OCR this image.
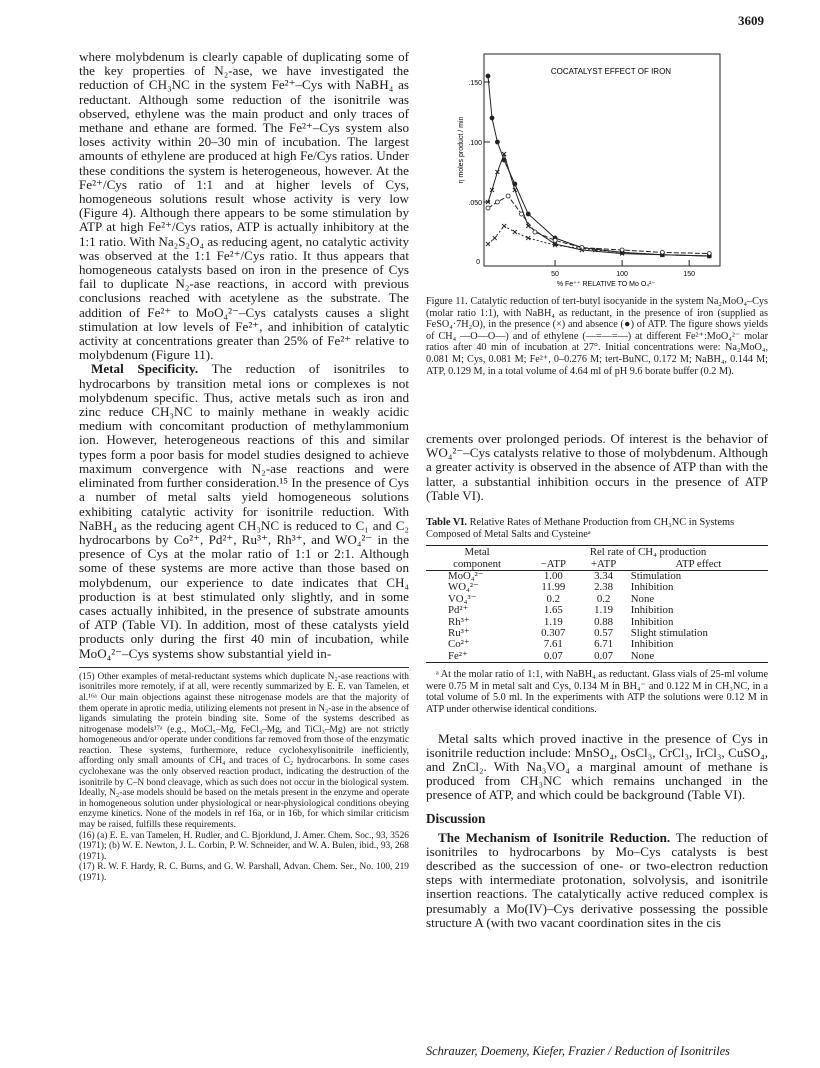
3609

where molybdenum is clearly capable of duplicating some of the key properties of N₂-ase, we have investigated the reduction of CH₃NC in the system Fe²⁺–Cys with NaBH₄ as reductant. Although some reduction of the isonitrile was observed, ethylene was the main product and only traces of methane and ethane are formed. The Fe²⁺–Cys system also loses activity within 20–30 min of incubation. The largest amounts of ethylene are produced at high Fe/Cys ratios. Under these conditions the system is heterogeneous, however. At the Fe²⁺/Cys ratio of 1:1 and at higher levels of Cys, homogeneous solutions result whose activity is very low (Figure 4). Although there appears to be some stimulation by ATP at high Fe²⁺/Cys ratios, ATP is actually inhibitory at the 1:1 ratio. With Na₂S₂O₄ as reducing agent, no catalytic activity was observed at the 1:1 Fe²⁺/Cys ratio. It thus appears that homogeneous catalysts based on iron in the presence of Cys fail to duplicate N₂-ase reactions, in accord with previous conclusions reached with acetylene as the substrate. The addition of Fe²⁺ to MoO₄²⁻–Cys catalysts causes a slight stimulation at low levels of Fe²⁺, and inhibition of catalytic activity at concentrations greater than 25% of Fe²⁺ relative to molybdenum (Figure 11).

Metal Specificity. The reduction of isonitriles to hydrocarbons by transition metal ions or complexes is not molybdenum specific. Thus, active metals such as iron and zinc reduce CH₃NC to mainly methane in weakly acidic medium with concomitant production of methylammonium ion. However, heterogeneous reactions of this and similar types form a poor basis for model studies designed to achieve maximum convergence with N₂-ase reactions and were eliminated from further consideration.¹⁵ In the presence of Cys a number of metal salts yield homogeneous solutions exhibiting catalytic activity for isonitrile reduction. With NaBH₄ as the reducing agent CH₃NC is reduced to C₁ and C₂ hydrocarbons by Co²⁺, Pd²⁺, Ru³⁺, Rh³⁺, and WO₄²⁻ in the presence of Cys at the molar ratio of 1:1 or 2:1. Although some of these systems are more active than those based on molybdenum, our experience to date indicates that CH₄ production is at best stimulated only slightly, and in some cases actually inhibited, in the presence of substrate amounts of ATP (Table VI). In addition, most of these catalysts yield products only during the first 40 min of incubation, while MoO₄²⁻–Cys systems show substantial yield in-

(15) Other examples of metal-reductant systems which duplicate N₂-ase reactions with isonitriles more remotely, if at all, were recently summarized by E. E. van Tamelen, et al.¹⁶ᵃ Our main objections against these nitrogenase models are that the majority of them operate in aprotic media, utilizing elements not present in N₂-ase in the absence of ligands simulating the protein binding site. Some of the systems described as nitrogenase models¹⁷ᵃ (e.g., MoCl₅–Mg, FeCl₃–Mg, and TiCl₃–Mg) are not strictly homogeneous and/or operate under conditions far removed from those of the enzymatic reaction. These systems, furthermore, reduce cyclohexylisonitrile inefficiently, affording only small amounts of CH₄ and traces of C₂ hydrocarbons. In some cases cyclohexane was the only observed reaction product, indicating the destruction of the isonitrile by C–N bond cleavage, which as such does not occur in the biological system. Ideally, N₂-ase models should be based on the metals present in the enzyme and operate in homogeneous solution under physiological or near-physiological conditions obeying enzyme kinetics. None of the models in ref 16a, or in 16b, for which similar criticism may be raised, fulfills these requirements.

(16) (a) E. E. van Tamelen, H. Rudler, and C. Bjorklund, J. Amer. Chem. Soc., 93, 3526 (1971); (b) W. E. Newton, J. L. Corbin, P. W. Schneider, and W. A. Bulen, ibid., 93, 268 (1971).

(17) R. W. F. Hardy, R. C. Burns, and G. W. Parshall, Advan. Chem. Ser., No. 100, 219 (1971).

COCATALYST EFFECT OF IRON
η moles product / min
% Fe⁺⁺ RELATIVE TO Mo O₄²⁻
.050
.100
.150
50	100	150
0

Figure 11. Catalytic reduction of tert-butyl isocyanide in the system Na₂MoO₄–Cys (molar ratio 1:1), with NaBH₄ as reductant, in the presence of iron (supplied as FeSO₄·7H₂O), in the presence (×) and absence (●) of ATP. The figure shows yields of CH₄ —O—O—) and of ethylene (—=—=—) at different Fe²⁺:MoO₄²⁻ molar ratios after 40 min of incubation at 27°. Initial concentrations were: Na₂MoO₄, 0.081 M; Cys, 0.081 M; Fe²⁺, 0–0.276 M; tert-BuNC, 0.172 M; NaBH₄, 0.144 M; ATP, 0.129 M, in a total volume of 4.64 ml of pH 9.6 borate buffer (0.2 M).

crements over prolonged periods. Of interest is the behavior of WO₄²⁻–Cys catalysts relative to those of molybdenum. Although a greater activity is observed in the absence of ATP than with the latter, a substantial inhibition occurs in the presence of ATP (Table VI).

Table VI. Relative Rates of Methane Production from CH₃NC in Systems Composed of Metal Salts and Cysteineᵃ

Metal	Rel rate of CH₄ production		
component	−ATP	+ATP	ATP effect
MoO₄²⁻	1.00	3.34	Stimulation
WO₄²⁻	11.99	2.38	Inhibition
VO₄³⁻	0.2	0.2	None
Pd²⁺	1.65	1.19	Inhibition
Rh³⁺	1.19	0.88	Inhibition
Ru³⁺	0.307	0.57	Slight stimulation
Co²⁺	7.61	6.71	Inhibition
Fe²⁺	0.07	0.07	None

ᵃ At the molar ratio of 1:1, with NaBH₄ as reductant. Glass vials of 25-ml volume were 0.75 M in metal salt and Cys, 0.134 M in BH₄⁻ and 0.122 M in CH₃NC, in a total volume of 5.0 ml. In the experiments with ATP the solutions were 0.12 M in ATP under otherwise identical conditions.

Metal salts which proved inactive in the presence of Cys in isonitrile reduction include: MnSO₄, OsCl₃, CrCl₃, IrCl₃, CuSO₄, and ZnCl₂. With Na₃VO₄ a marginal amount of methane is produced from CH₃NC which remains unchanged in the presence of ATP, and which could be background (Table VI).

Discussion

The Mechanism of Isonitrile Reduction. The reduction of isonitriles to hydrocarbons by Mo–Cys catalysts is best described as the succession of one- or two-electron reduction steps with intermediate protonation, solvolysis, and isonitrile insertion reactions. The catalytically active reduced complex is presumably a Mo(IV)–Cys derivative possessing the possible structure A (with two vacant coordination sites in the cis

Schrauzer, Doemeny, Kiefer, Frazier / Reduction of Isonitriles
